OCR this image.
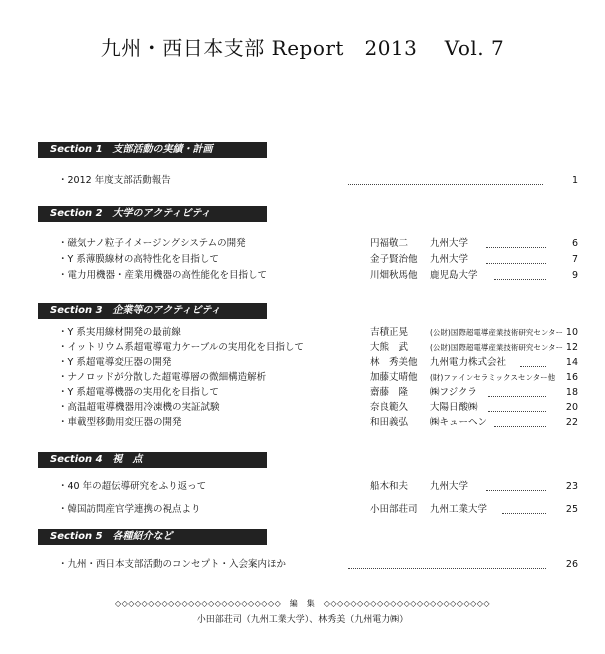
九州・西日本支部 Report　2013　 Vol. 7
Section 1　支部活動の実績・計画
・2012 年度支部活動報告	1
Section 2　大学のアクティビティ
・磁気ナノ粒子イメージングシステムの開発	円福敬二 九州大学	6
・Y 系薄膜線材の高特性化を目指して	金子賢治他 九州大学	7
・電力用機器・産業用機器の高性能化を目指して	川畑秋馬他 鹿児島大学	9
Section 3　企業等のアクティビティ
・Y 系実用線材開発の最前線	吉積正晃	(公財)国際超電導産業技術研究センター 10
・イットリウム系超電導電力ケーブルの実用化を目指して	大熊　武	(公財)国際超電導産業技術研究センター 12
・Y 系超電導変圧器の開発	林　秀美他 九州電力株式会社	14
・ナノロッドが分散した超電導層の微細構造解析	加藤丈晴他 (財)ファインセラミックスセンター他	16
・Y 系超電導機器の実用化を目指して	齋藤　隆 ㈱フジクラ	18
・高温超電導機器用冷凍機の実証試験	奈良範久 大陽日酸㈱	20
・車載型移動用変圧器の開発	和田義弘 ㈱キューヘン	22
Section 4　視　点
・40 年の超伝導研究をふり返って	船木和夫 九州大学	23
・韓国訪問産官学連携の視点より	小田部荘司 九州工業大学	25
Section 5　各種紹介など
・九州・西日本支部活動のコンセプト・入会案内ほか	26
◇◇◇◇◇◇◇◇◇◇◇◇◇◇◇◇◇◇◇◇◇◇◇◇◇　編　集　◇◇◇◇◇◇◇◇◇◇◇◇◇◇◇◇◇◇◇◇◇◇◇◇◇
小田部荘司（九州工業大学）、林秀美（九州電力㈱）
